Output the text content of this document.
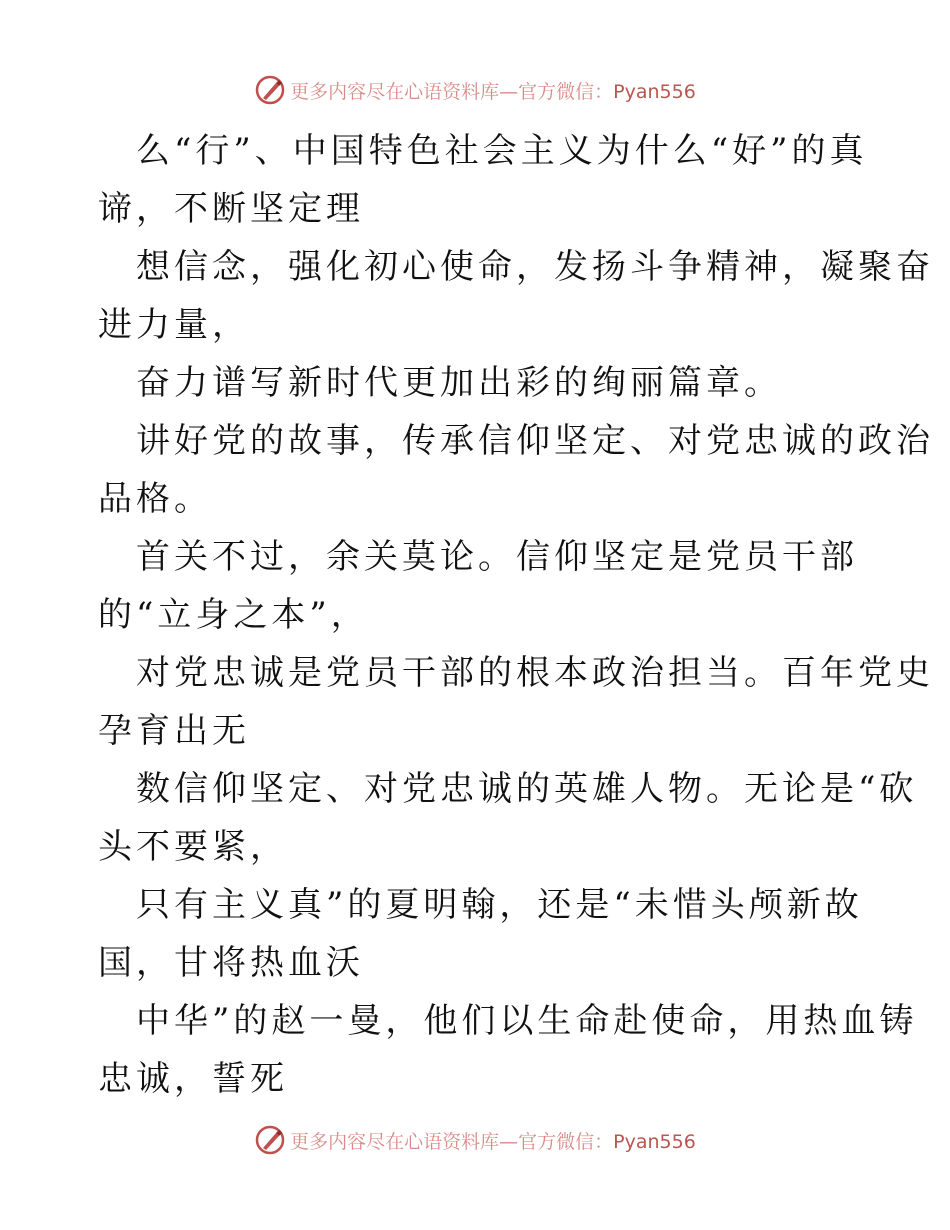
更多内容尽在心语资料库—官方微信：Pyan556
么“行”、中国特色社会主义为什么“好”的真
谛，不断坚定理
想信念，强化初心使命，发扬斗争精神，凝聚奋
进力量，
奋力谱写新时代更加出彩的绚丽篇章。
讲好党的故事，传承信仰坚定、对党忠诚的政治
品格。
首关不过，余关莫论。信仰坚定是党员干部
的“立身之本”，
对党忠诚是党员干部的根本政治担当。百年党史
孕育出无
数信仰坚定、对党忠诚的英雄人物。无论是“砍
头不要紧，
只有主义真”的夏明翰，还是“未惜头颅新故
国，甘将热血沃
中华”的赵一曼，他们以生命赴使命，用热血铸
忠诚，誓死
更多内容尽在心语资料库—官方微信：Pyan556
